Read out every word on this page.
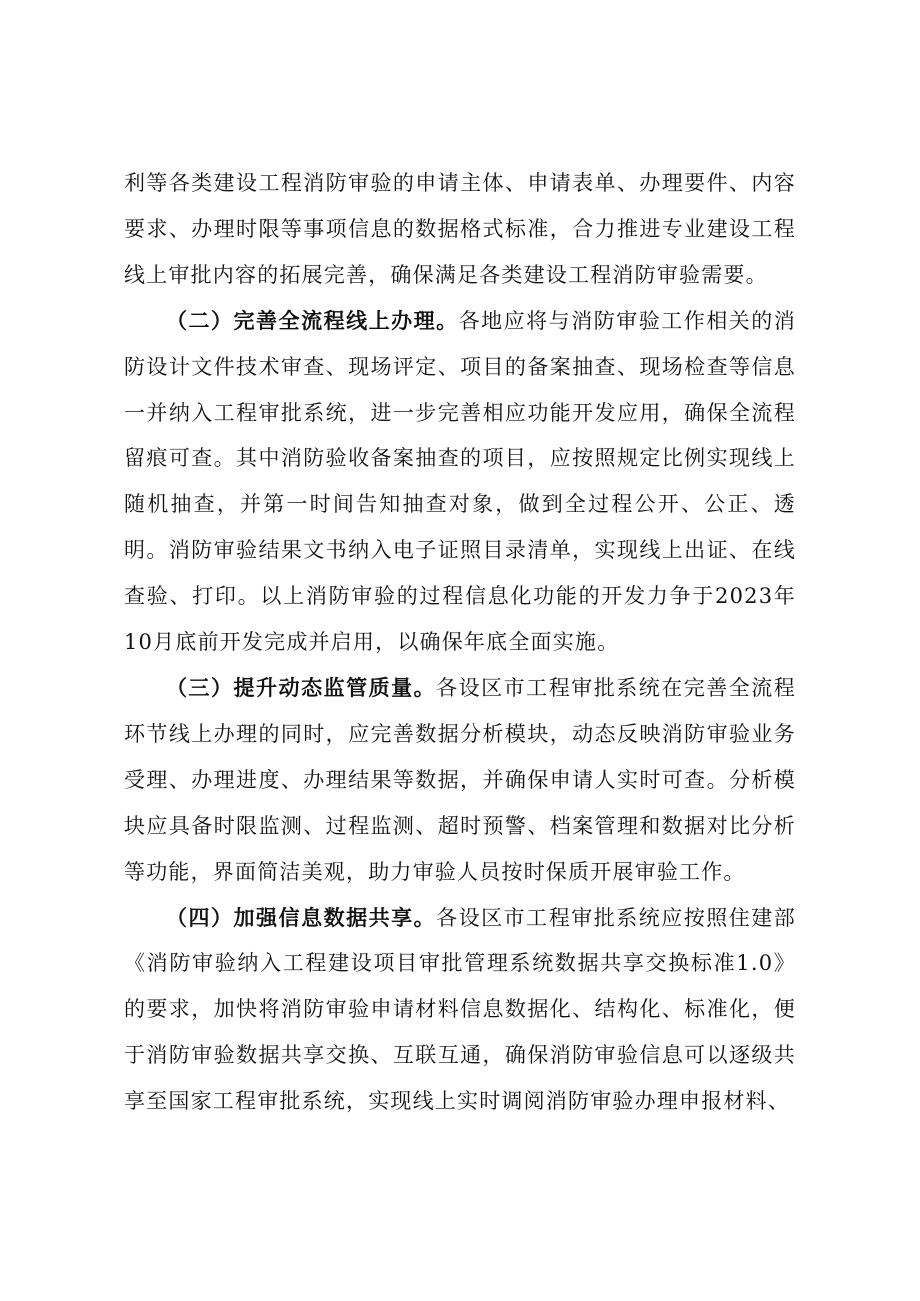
利等各类建设工程消防审验的申请主体、申请表单、办理要件、内容要求、办理时限等事项信息的数据格式标准，合力推进专业建设工程线上审批内容的拓展完善，确保满足各类建设工程消防审验需要。

（二）完善全流程线上办理。各地应将与消防审验工作相关的消防设计文件技术审查、现场评定、项目的备案抽查、现场检查等信息一并纳入工程审批系统，进一步完善相应功能开发应用，确保全流程留痕可查。其中消防验收备案抽查的项目，应按照规定比例实现线上随机抽查，并第一时间告知抽查对象，做到全过程公开、公正、透明。消防审验结果文书纳入电子证照目录清单，实现线上出证、在线查验、打印。以上消防审验的过程信息化功能的开发力争于2023年10月底前开发完成并启用，以确保年底全面实施。

（三）提升动态监管质量。各设区市工程审批系统在完善全流程环节线上办理的同时，应完善数据分析模块，动态反映消防审验业务受理、办理进度、办理结果等数据，并确保申请人实时可查。分析模块应具备时限监测、过程监测、超时预警、档案管理和数据对比分析等功能，界面简洁美观，助力审验人员按时保质开展审验工作。

（四）加强信息数据共享。各设区市工程审批系统应按照住建部《消防审验纳入工程建设项目审批管理系统数据共享交换标准1.0》的要求，加快将消防审验申请材料信息数据化、结构化、标准化，便于消防审验数据共享交换、互联互通，确保消防审验信息可以逐级共享至国家工程审批系统，实现线上实时调阅消防审验办理申报材料、
